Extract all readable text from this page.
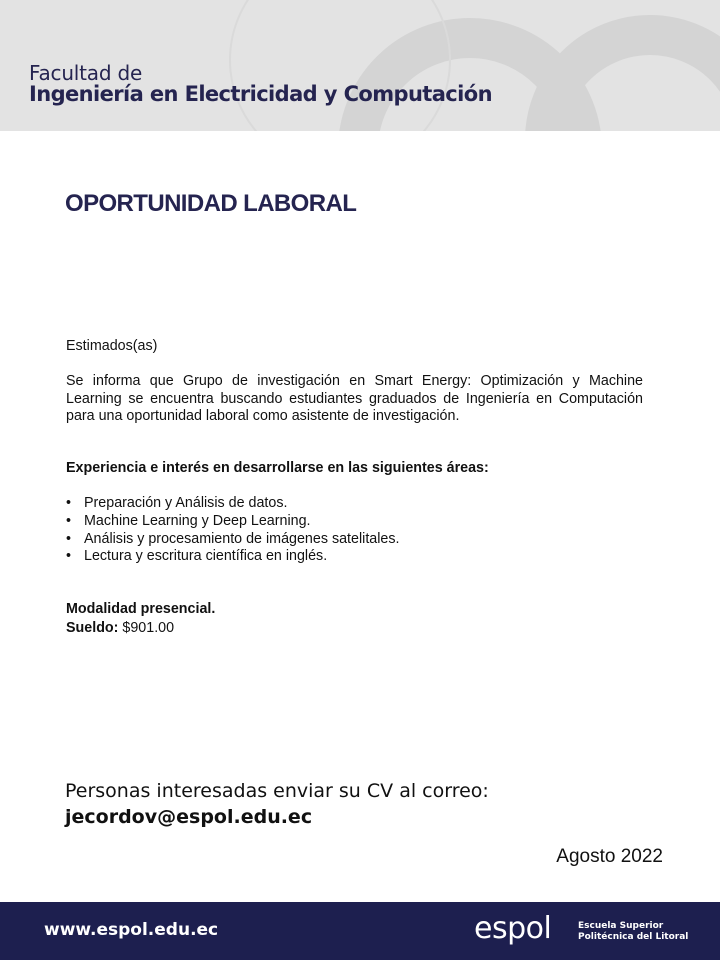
Facultad de
Ingeniería en Electricidad y Computación
OPORTUNIDAD LABORAL

Estimados(as)

Se informa que Grupo de investigación en Smart Energy: Optimización y Machine Learning se encuentra buscando estudiantes graduados de Ingeniería en Computación para una oportunidad laboral como asistente de investigación.

Experiencia e interés en desarrollarse en las siguientes áreas:

• Preparación y Análisis de datos.
• Machine Learning y Deep Learning.
• Análisis y procesamiento de imágenes satelitales.
• Lectura y escritura científica en inglés.

Modalidad presencial.

Sueldo: $901.00

Personas interesadas enviar su CV al correo:

jecordov@espol.edu.ec

Agosto 2022

www.espol.edu.ec	espol	Escuela Superior
Politécnica del Litoral
